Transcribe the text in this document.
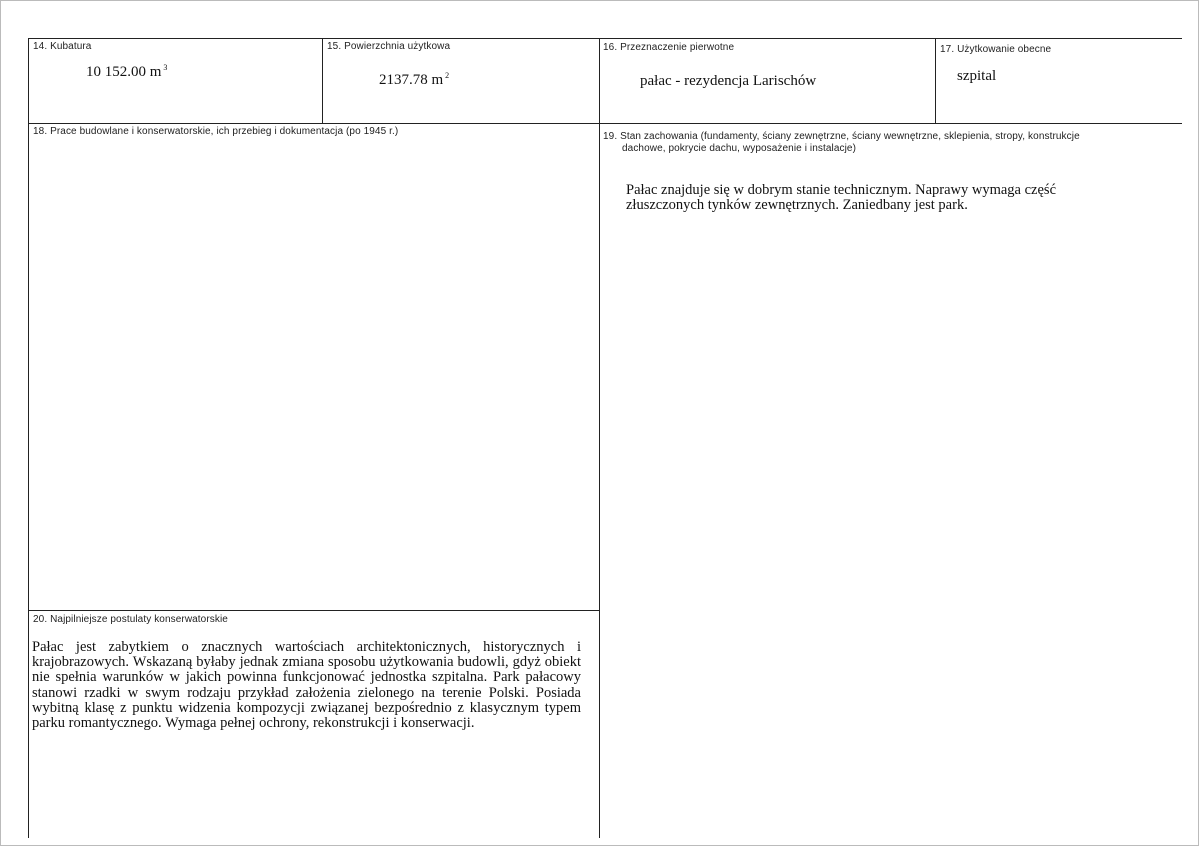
14. Kubatura
10 152.00 m $^3$
15. Powierzchnia użytkowa
2137.78 m $^2$
16. Przeznaczenie pierwotne
pałac - rezydencja Larischów
17. Użytkowanie obecne
szpital
18. Prace budowlane i konserwatorskie, ich przebieg i dokumentacja (po 1945 r.)	19. Stan zachowania (fundamenty, ściany zewnętrzne, ściany wewnętrzne, sklepienia, stropy, konstrukcje
dachowe, pokrycie dachu, wyposażenie i instalacje)
Pałac znajduje się w dobrym stanie technicznym. Naprawy wymaga część złuszczonych tynków zewnętrznych. Zaniedbany jest park.
20. Najpilniejsze postulaty konserwatorskie
Pałac jest zabytkiem o znacznych wartościach architektonicznych, historycznych i krajobrazowych. Wskazaną byłaby jednak zmiana sposobu użytkowania budowli, gdyż obiekt nie spełnia warunków w jakich powinna funkcjonować jednostka szpitalna. Park pałacowy stanowi rzadki w swym rodzaju przykład założenia zielonego na terenie Polski. Posiada wybitną klasę z punktu widzenia kompozycji związanej bezpośrednio z klasycznym typem parku romantycznego. Wymaga pełnej ochrony, rekonstrukcji i konserwacji.
